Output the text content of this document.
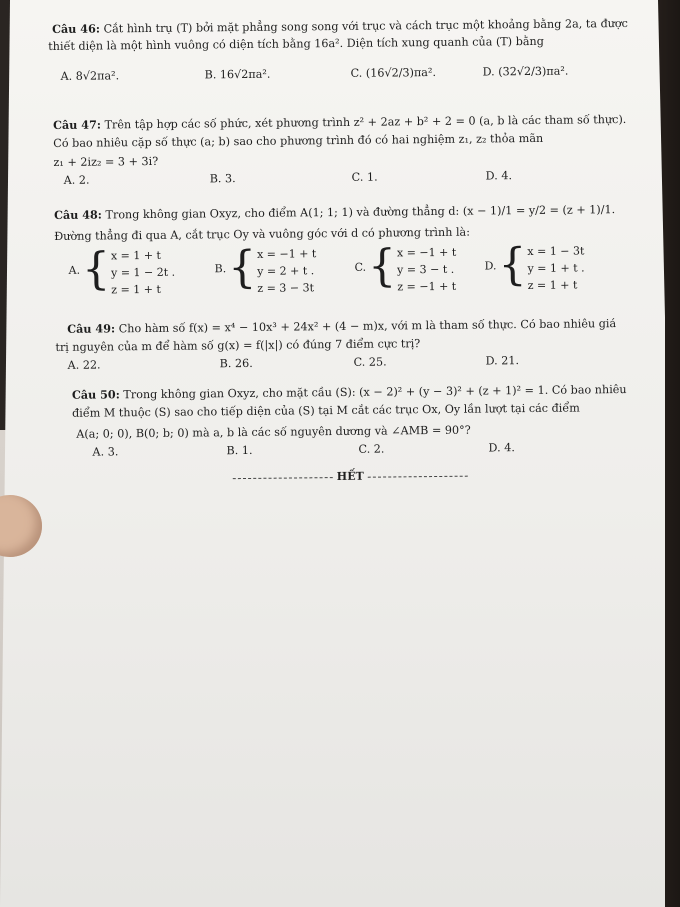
Câu 46: Cắt hình trụ (T) bởi mặt phẳng song song với trục và cách trục một khoảng bằng 2a, ta được
thiết diện là một hình vuông có diện tích bằng 16a². Diện tích xung quanh của (T) bằng
A. 8√2πa².	B. 16√2πa².	C. (16√2/3)πa².	D. (32√2/3)πa².
Câu 47: Trên tập hợp các số phức, xét phương trình z² + 2az + b² + 2 = 0 (a, b là các tham số thực).
Có bao nhiêu cặp số thực (a; b) sao cho phương trình đó có hai nghiệm z₁, z₂ thỏa mãn
z₁ + 2iz₂ = 3 + 3i?
A. 2.	B. 3.	C. 1.	D. 4.
Câu 48: Trong không gian Oxyz, cho điểm A(1; 1; 1) và đường thẳng d: (x − 1)/1 = y/2 = (z + 1)/1.
Đường thẳng đi qua A, cắt trục Oy và vuông góc với d có phương trình là:
A.{ x = 1 + t
y = 1 − 2t .
z = 1 + t
B.{ x = −1 + t
y = 2 + t .
z = 3 − 3t
C.{ x = −1 + t
y = 3 − t .
z = −1 + t
D.{ x = 1 − 3t
y = 1 + t .
z = 1 + t
Câu 49: Cho hàm số f(x) = x⁴ − 10x³ + 24x² + (4 − m)x, với m là tham số thực. Có bao nhiêu giá
trị nguyên của m để hàm số g(x) = f(|x|) có đúng 7 điểm cực trị?
A. 22.	B. 26.	C. 25.	D. 21.
Câu 50: Trong không gian Oxyz, cho mặt cầu (S): (x − 2)² + (y − 3)² + (z + 1)² = 1. Có bao nhiêu
điểm M thuộc (S) sao cho tiếp diện của (S) tại M cắt các trục Ox, Oy lần lượt tại các điểm
A(a; 0; 0), B(0; b; 0) mà a, b là các số nguyên dương và ∠AMB = 90°?
A. 3.	B. 1.	C. 2.	D. 4.
HẾT
